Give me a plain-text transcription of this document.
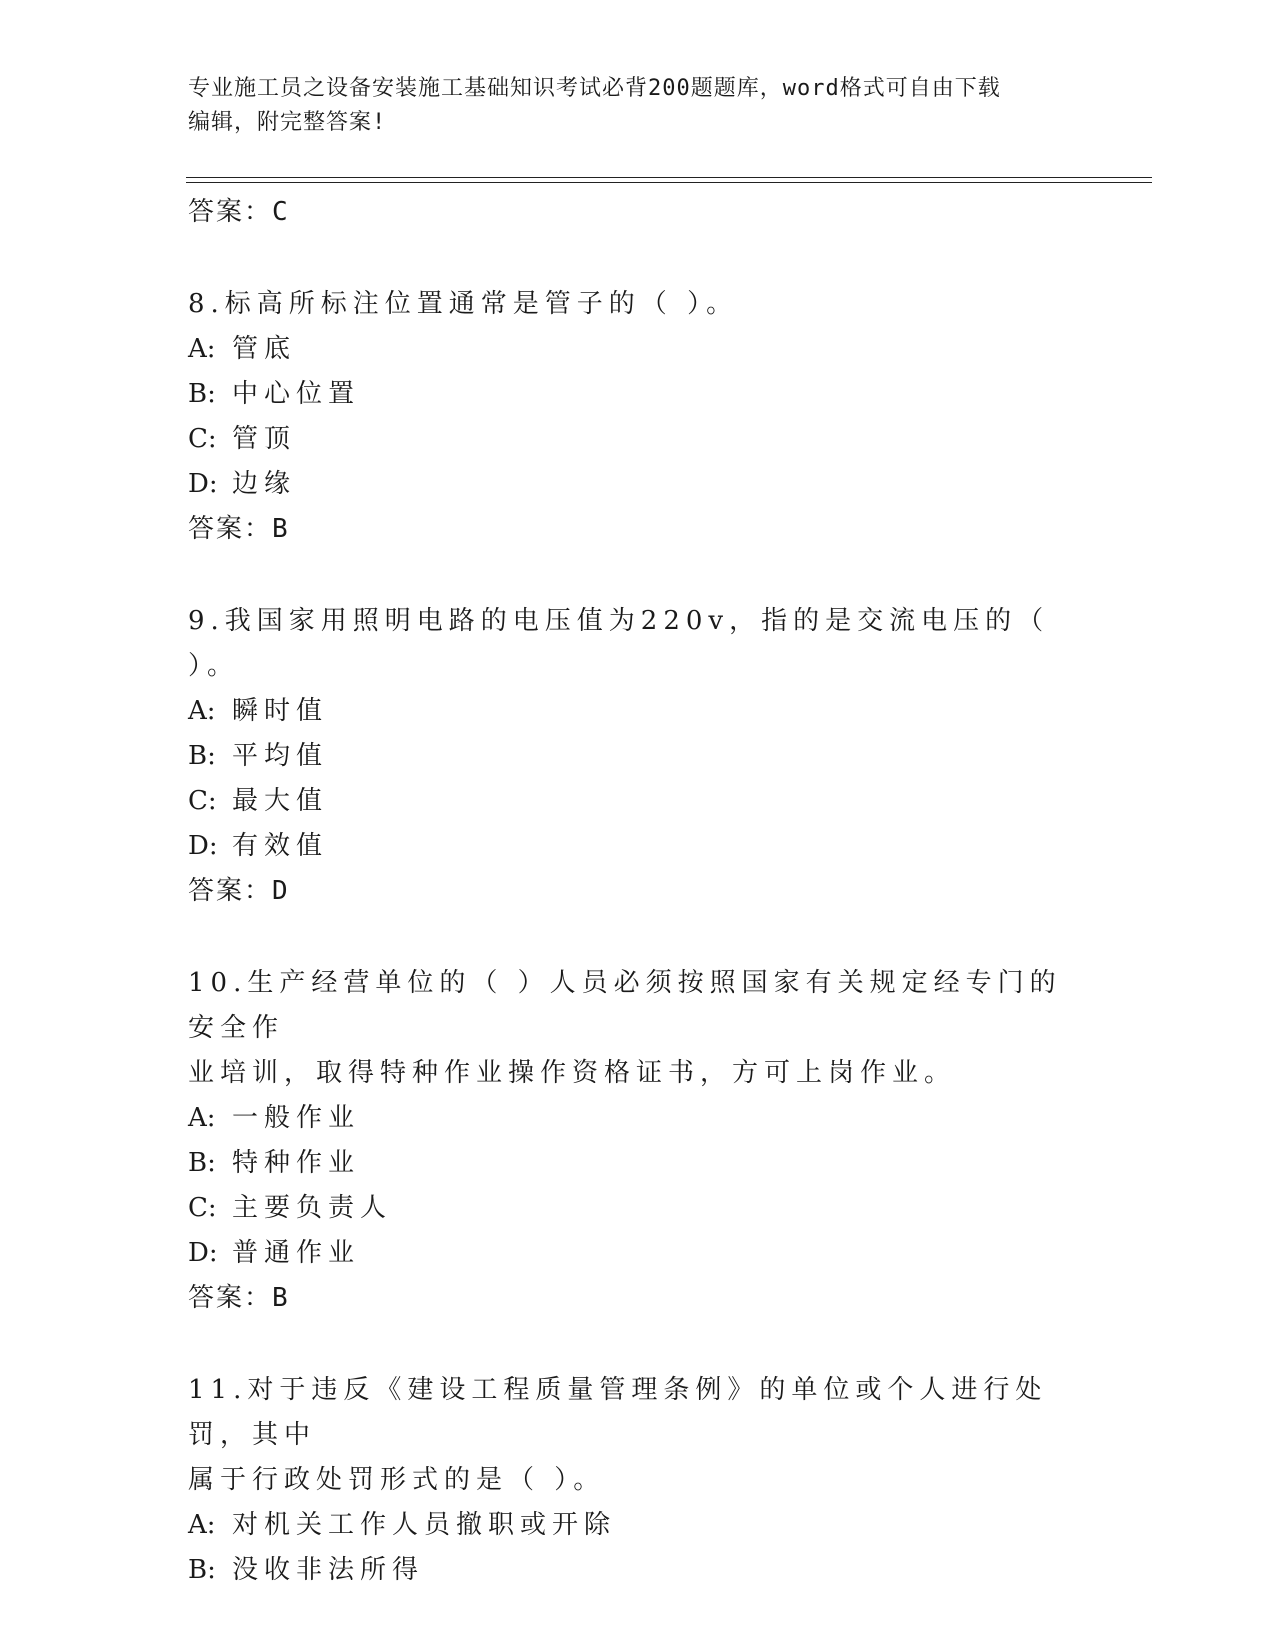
专业施工员之设备安装施工基础知识考试必背200题题库，word格式可自由下载
编辑，附完整答案!
答案：C
8.标高所标注位置通常是管子的（ ）。
A: 管底
B: 中心位置
C: 管顶
D: 边缘
答案：B
9.我国家用照明电路的电压值为220v，指的是交流电压的（ ）。
A: 瞬时值
B: 平均值
C: 最大值
D: 有效值
答案：D
10.生产经营单位的（ ）人员必须按照国家有关规定经专门的安全作
业培训，取得特种作业操作资格证书，方可上岗作业。
A: 一般作业
B: 特种作业
C: 主要负责人
D: 普通作业
答案：B
11.对于违反《建设工程质量管理条例》的单位或个人进行处罚，其中
属于行政处罚形式的是（ ）。
A: 对机关工作人员撤职或开除
B: 没收非法所得
